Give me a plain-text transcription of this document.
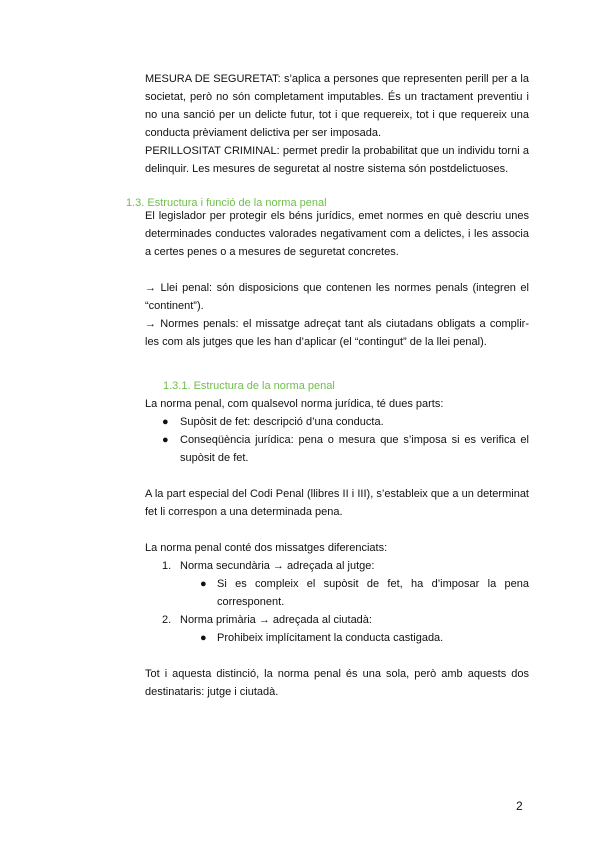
MESURA DE SEGURETAT: s’aplica a persones que representen perill per a la societat, però no són completament imputables. És un tractament preventiu i no una sanció per un delicte futur, tot i que requereix, tot i que requereix una conducta prèviament delictiva per ser imposada.

PERILLOSITAT CRIMINAL: permet predir la probabilitat que un individu torni a delinquir. Les mesures de seguretat al nostre sistema són postdelictuoses.

1.3. Estructura i funció de la norma penal

El legislador per protegir els béns jurídics, emet normes en què descriu unes determinades conductes valorades negativament com a delictes, i les associa a certes penes o a mesures de seguretat concretes.

→ Llei penal: són disposicions que contenen les normes penals (integren el “continent”).

→ Normes penals: el missatge adreçat tant als ciutadans obligats a complir-les com als jutges que les han d’aplicar (el “contingut” de la llei penal).

1.3.1. Estructura de la norma penal

La norma penal, com qualsevol norma jurídica, té dues parts:

● Supòsit de fet: descripció d’una conducta.
● Conseqüència jurídica: pena o mesura que s’imposa si es verifica el supòsit de fet.

A la part especial del Codi Penal (llibres II i III), s’estableix que a un determinat fet li correspon a una determinada pena.

La norma penal conté dos missatges diferenciats:

1. Norma secundària → adreçada al jutge:
● Si es compleix el supòsit de fet, ha d’imposar la pena corresponent.
2. Norma primària → adreçada al ciutadà:
● Prohibeix implícitament la conducta castigada.

Tot i aquesta distinció, la norma penal és una sola, però amb aquests dos destinataris: jutge i ciutadà.

2
